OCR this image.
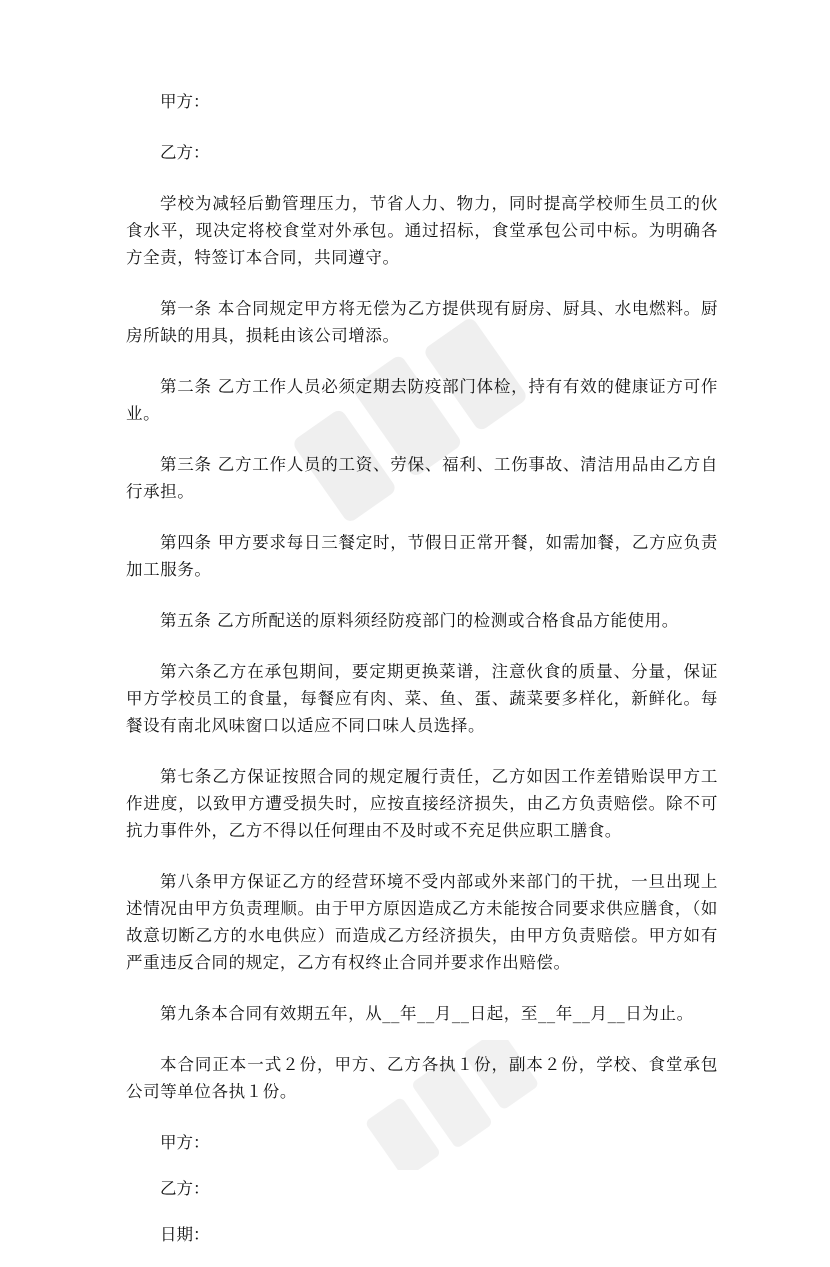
甲方：

乙方：

学校为减轻后勤管理压力，节省人力、物力，同时提高学校师生员工的伙食水平，现决定将校食堂对外承包。通过招标，食堂承包公司中标。为明确各方全责，特签订本合同，共同遵守。

第一条 本合同规定甲方将无偿为乙方提供现有厨房、厨具、水电燃料。厨房所缺的用具，损耗由该公司增添。

第二条 乙方工作人员必须定期去防疫部门体检，持有有效的健康证方可作业。

第三条 乙方工作人员的工资、劳保、福利、工伤事故、清洁用品由乙方自行承担。

第四条 甲方要求每日三餐定时，节假日正常开餐，如需加餐，乙方应负责加工服务。

第五条 乙方所配送的原料须经防疫部门的检测或合格食品方能使用。

第六条乙方在承包期间，要定期更换菜谱，注意伙食的质量、分量，保证甲方学校员工的食量，每餐应有肉、菜、鱼、蛋、蔬菜要多样化，新鲜化。每餐设有南北风味窗口以适应不同口味人员选择。

第七条乙方保证按照合同的规定履行责任，乙方如因工作差错贻误甲方工作进度，以致甲方遭受损失时，应按直接经济损失，由乙方负责赔偿。除不可抗力事件外，乙方不得以任何理由不及时或不充足供应职工膳食。

第八条甲方保证乙方的经营环境不受内部或外来部门的干扰，一旦出现上述情况由甲方负责理顺。由于甲方原因造成乙方未能按合同要求供应膳食，（如故意切断乙方的水电供应）而造成乙方经济损失，由甲方负责赔偿。甲方如有严重违反合同的规定，乙方有权终止合同并要求作出赔偿。

第九条本合同有效期五年，从__年__月__日起，至__年__月__日为止。

本合同正本一式２份，甲方、乙方各执１份，副本２份，学校、食堂承包公司等单位各执１份。

甲方：

乙方：

日期：
